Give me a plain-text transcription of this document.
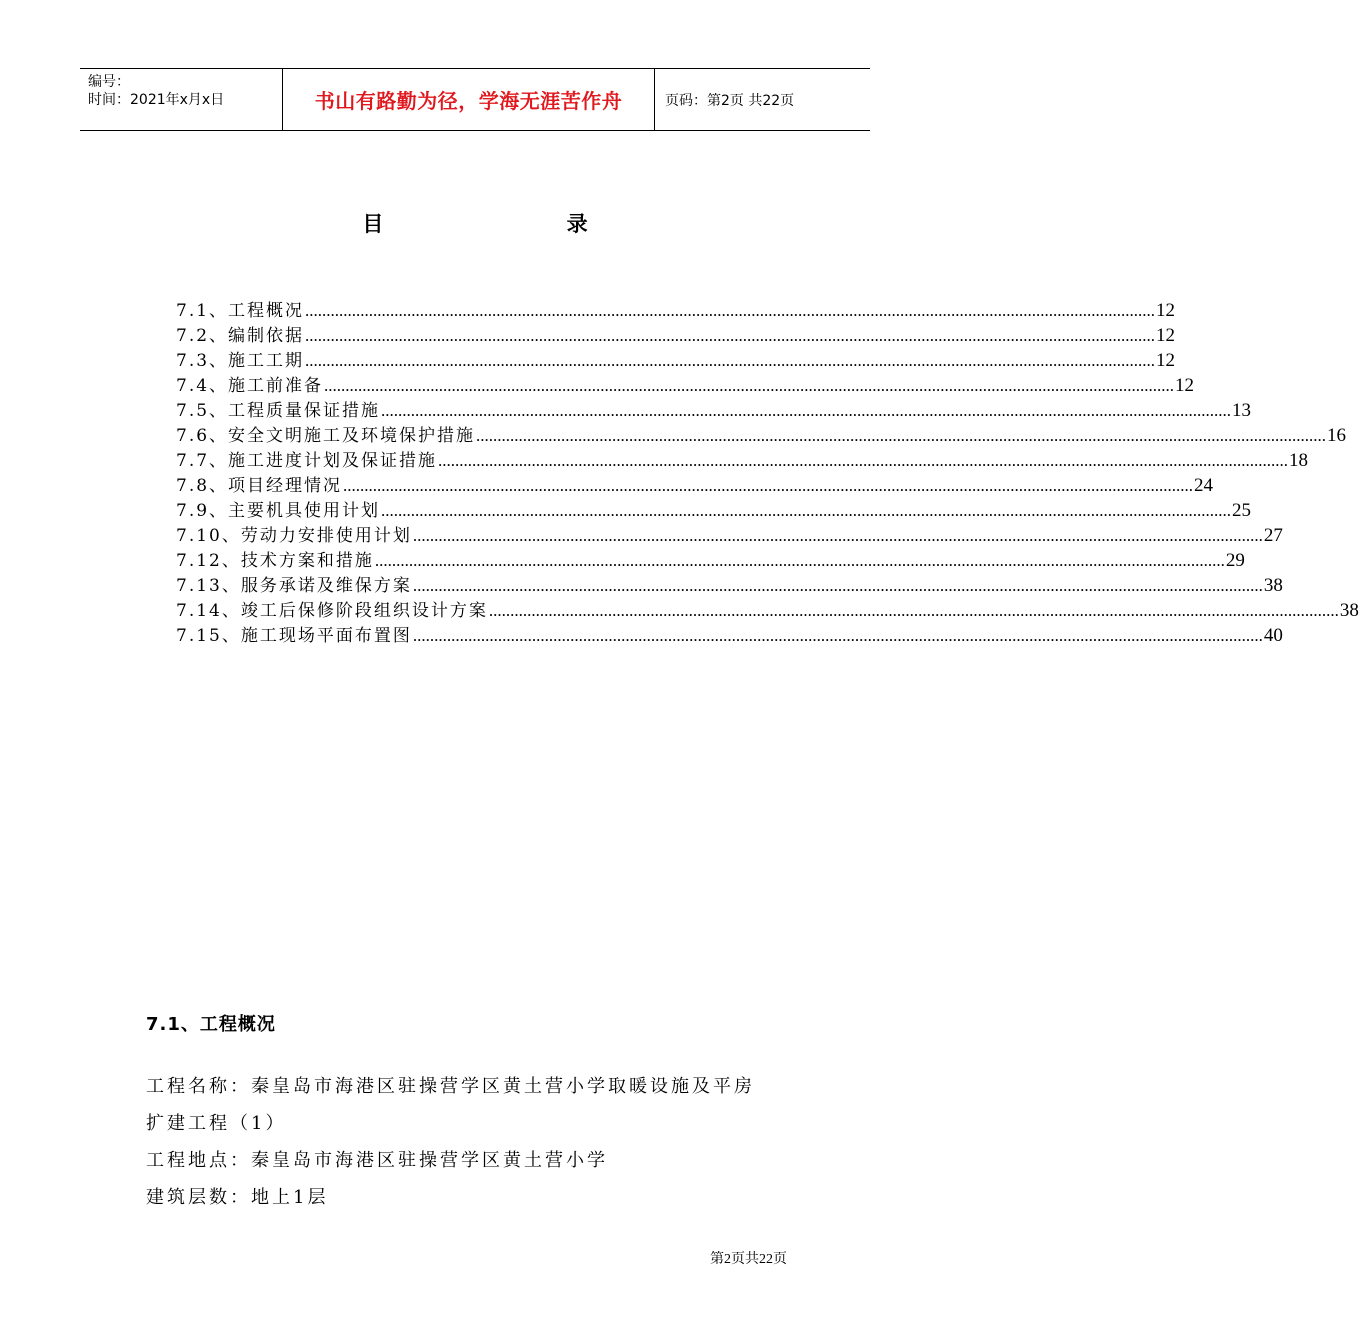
编号：
时间：2021年x月x日	书山有路勤为径，学海无涯苦作舟	页码：第2页 共22页
目 录
7.1、工程概况 ........................................................................................................................................................................................................ 12
7.2、编制依据 ........................................................................................................................................................................................................ 12
7.3、施工工期 ........................................................................................................................................................................................................ 12
7.4、施工前准备 ........................................................................................................................................................................................................ 12
7.5、工程质量保证措施 ........................................................................................................................................................................................................ 13
7.6、安全文明施工及环境保护措施 ........................................................................................................................................................................................................ 16
7.7、施工进度计划及保证措施 ........................................................................................................................................................................................................ 18
7.8、项目经理情况 ........................................................................................................................................................................................................ 24
7.9、主要机具使用计划 ........................................................................................................................................................................................................ 25
7.10、劳动力安排使用计划 ........................................................................................................................................................................................................ 27
7.12、技术方案和措施 ........................................................................................................................................................................................................ 29
7.13、服务承诺及维保方案 ........................................................................................................................................................................................................ 38
7.14、竣工后保修阶段组织设计方案 ........................................................................................................................................................................................................ 38
7.15、施工现场平面布置图 ........................................................................................................................................................................................................ 40
7.1、工程概况

工程名称：秦皇岛市海港区驻操营学区黄土营小学取暖设施及平房

扩建工程（1）

工程地点：秦皇岛市海港区驻操营学区黄土营小学

建筑层数：地上1层

第2页共22页
